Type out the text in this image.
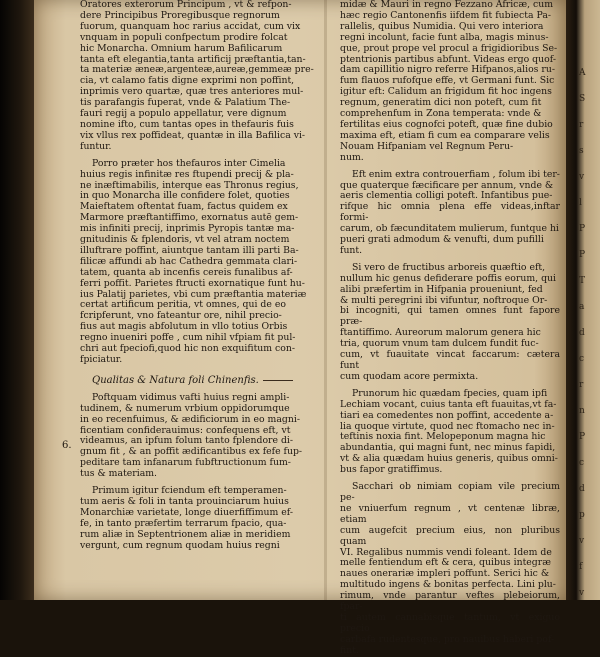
Oratores exterorum Principum , vt & refpon-
dere Principibus Proregibusque regnorum
fuorum, quanquam hoc rarius accidat, cum vix
vnquam in populi confpectum prodire folcat
hic Monarcha. Omnium harum Bafilicarum
tanta eft elegantia,tanta artificij præftantia,tan-
ta materiæ æneæ,argenteæ,aureæ,gemmeæ pre-
cia, vt calamo fatis digne exprimi non poffint,
inprimis vero quartæ, quæ tres anteriores mul-
tis parafangis fuperat, vnde & Palatium The-
fauri regij a populo appellatur, vere dignum
nomine ifto, cum tantas opes in thefauris fuis
vix vllus rex poffideat, quantæ in illa Bafilica vi-
funtur.

Porro præter hos thefauros inter Cimelia
huius regis infinitæ res ftupendi precij & pla-
ne inæftimabilis, interque eas Thronus regius,
in quo Monarcha ille confidere folet, quoties
Maieftatem oftentat fuam, factus quidem ex
Marmore præftantiffimo, exornatus autē gem-
mis infiniti precij, inprimis Pyropis tantæ ma-
gnitudinis & fplendoris, vt vel atram noctem
illuftrare poffint, aiuntque tantam illi parti Ba-
filicæ affundi ab hac Cathedra gemmata clari-
tatem, quanta ab incenfis cereis funalibus af-
ferri poffit. Parietes ftructi exornatique funt hu-
ius Palatij parietes, vbi cum præftantia materiæ
certat artificum peritia, vt omnes, qui de eo
fcripferunt, vno fateantur ore, nihil precio-
fius aut magis abfolutum in vllo totius Orbis
regno inueniri poffe , cum nihil vfpiam fit pul-
chri aut fpeciofi,quod hic non exquifitum con-
fpiciatur.

Qualitas & Natura foli Chinenfis.

Poftquam vidimus vafti huius regni ampli-
tudinem, & numerum vrbium oppidorumque
in eo recenfuimus, & ædificiorum in eo magni-
ficentiam confiderauimus: confequens eft, vt
videamus, an ipfum folum tanto fplendore di-
gnum fit , & an poffit ædificantibus ex fefe fup-
peditare tam infanarum fubftructionum fum-
tus & materiam.

Primum igitur fciendum eft temperamen-
tum aeris & foli in tanta prouinciarum huius
Monarchiæ varietate, longe diuerfiffimum ef-
fe, in tanto præfertim terrarum fpacio, qua-
rum aliæ in Septentrionem aliæ in meridiem
vergunt, cum regnum quodam huius regni

6.

midæ & Mauri in regno Fezzano Africæ, cum
hæc regio Cantonenfis iifdem fit fubiecta Pa-
rallelis, quibus Numidia. Qui vero interiora
regni incolunt, facie funt alba, magis minus-
que, prout prope vel procul a frigidioribus Se-
ptentrionis partibus abfunt. Videas ergo quof-
dam capillitio nigro referre Hifpanos,alios ru-
fum flauos rufofque effe, vt Germani funt. Sic
igitur eft: Calidum an frigidum fit hoc ingens
regnum, generatim dici non poteft, cum fit
comprehenfum in Zona temperata: vnde &
fertilitas eius cognofci poteft, quæ fine dubio
maxima eft, etiam fi cum ea comparare velis
Nouam Hifpaniam vel Regnum Peru-
num.

Eft enim extra controuerfiam , folum ibi ter-
que quaterque fæcificare per annum, vnde &
aeris clementia colligi poteft. Infantibus pue-
rifque hic omnia plena effe videas,inftar formi-
carum, ob fæcunditatem mulierum, funtque hi
pueri grati admodum & venufti, dum pufilli
funt.

Si vero de fructibus arboreis quæftio eft,
nullum hic genus defiderare poffis eorum, qui
alibi præfertim in Hifpania proueniunt, fed
& multi peregrini ibi vifuntur, noftroque Or-
bi incogniti, qui tamen omnes funt fapore præ-
ftantiffimo. Aureorum malorum genera hic
tria, quorum vnum tam dulcem fundit fuc-
cum, vt fuauitate vincat faccarum: cætera funt
cum quodam acore permixta.

Prunorum hic quædam fpecies, quam ipfi
Lechiam vocant, cuius tanta eft fuauitas,vt fa-
tiari ea comedentes non poffint, accedente a-
lia quoque virtute, quod nec ftomacho nec in-
teftinis noxia fint. Melopeponum magna hic
abundantia, qui magni funt, nec minus fapidi,
vt & alia quædam huius generis, quibus omni-
bus fapor gratiffimus.

Sacchari ob nimiam copiam vile precium pe-
ne vniuerfum regnum , vt centenæ libræ, etiam
cum augefcit precium eius, non pluribus quam
VI. Regalibus nummis vendi foleant. Idem de
melle fentiendum eft & cera, quibus integræ
naues onerariæ impleri poffunt. Serici hic &
multitudo ingens & bonitas perfecta. Lini plu-
rimum, vnde parantur veftes plebeiorum, fpar-
ti autem cannabisque tantum, vt exiguo precio
carbafa rudentesque, pro nauibus haberi pof-
fint.

A
S
r
s
v
l
P
P
T
a
d
c
r
n
P
c
d
p
v
f
v
